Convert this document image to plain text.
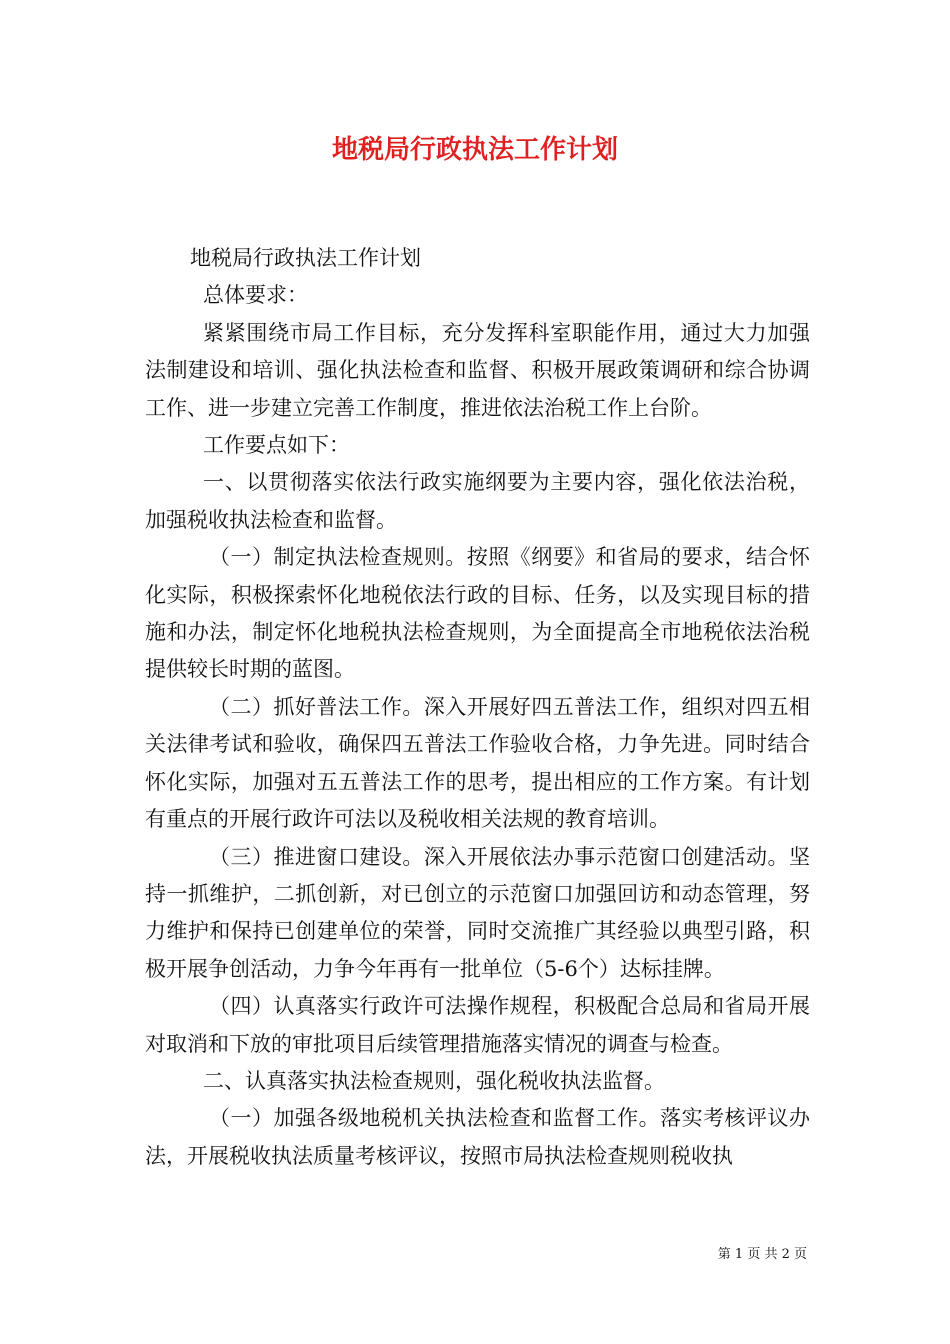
地税局行政执法工作计划

地税局行政执法工作计划

总体要求：

紧紧围绕市局工作目标，充分发挥科室职能作用，通过大力加强法制建设和培训、强化执法检查和监督、积极开展政策调研和综合协调工作、进一步建立完善工作制度，推进依法治税工作上台阶。

工作要点如下：

一、以贯彻落实依法行政实施纲要为主要内容，强化依法治税，加强税收执法检查和监督。

（一）制定执法检查规则。按照《纲要》和省局的要求，结合怀化实际，积极探索怀化地税依法行政的目标、任务，以及实现目标的措施和办法，制定怀化地税执法检查规则，为全面提高全市地税依法治税提供较长时期的蓝图。

（二）抓好普法工作。深入开展好四五普法工作，组织对四五相关法律考试和验收，确保四五普法工作验收合格，力争先进。同时结合怀化实际，加强对五五普法工作的思考，提出相应的工作方案。有计划有重点的开展行政许可法以及税收相关法规的教育培训。

（三）推进窗口建设。深入开展依法办事示范窗口创建活动。坚持一抓维护，二抓创新，对已创立的示范窗口加强回访和动态管理，努力维护和保持已创建单位的荣誉，同时交流推广其经验以典型引路，积极开展争创活动，力争今年再有一批单位（5-6个）达标挂牌。

（四）认真落实行政许可法操作规程，积极配合总局和省局开展对取消和下放的审批项目后续管理措施落实情况的调查与检查。

二、认真落实执法检查规则，强化税收执法监督。

（一）加强各级地税机关执法检查和监督工作。落实考核评议办法，开展税收执法质量考核评议，按照市局执法检查规则税收执

第 1 页 共 2 页
